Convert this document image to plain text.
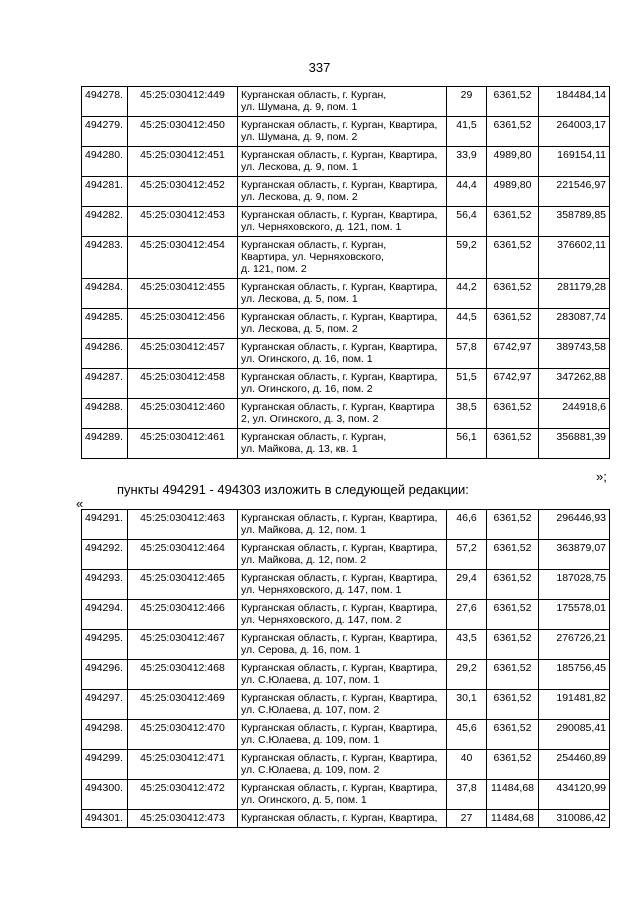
337
494278.	45:25:030412:449	Курганская область, г. Курган,
ул. Шумана, д. 9, пом. 1	29	6361,52	184484,14
494279.	45:25:030412:450	Курганская область, г. Курган, Квартира,
ул. Шумана, д. 9, пом. 2	41,5	6361,52	264003,17
494280.	45:25:030412:451	Курганская область, г. Курган, Квартира,
ул. Лескова, д. 9, пом. 1	33,9	4989,80	169154,11
494281.	45:25:030412:452	Курганская область, г. Курган, Квартира,
ул. Лескова, д. 9, пом. 2	44,4	4989,80	221546,97
494282.	45:25:030412:453	Курганская область, г. Курган, Квартира,
ул. Черняховского, д. 121, пом. 1	56,4	6361,52	358789,85
494283.	45:25:030412:454	Курганская область, г. Курган,
Квартира, ул. Черняховского,
д. 121, пом. 2	59,2	6361,52	376602,11
494284.	45:25:030412:455	Курганская область, г. Курган, Квартира,
ул. Лескова, д. 5, пом. 1	44,2	6361,52	281179,28
494285.	45:25:030412:456	Курганская область, г. Курган, Квартира,
ул. Лескова, д. 5, пом. 2	44,5	6361,52	283087,74
494286.	45:25:030412:457	Курганская область, г. Курган, Квартира,
ул. Огинского, д. 16, пом. 1	57,8	6742,97	389743,58
494287.	45:25:030412:458	Курганская область, г. Курган, Квартира,
ул. Огинского, д. 16, пом. 2	51,5	6742,97	347262,88
494288.	45:25:030412:460	Курганская область, г. Курган, Квартира
2, ул. Огинского, д. 3, пом. 2	38,5	6361,52	244918,6
494289.	45:25:030412:461	Курганская область, г. Курган,
ул. Майкова, д. 13, кв. 1	56,1	6361,52	356881,39
»;
пункты 494291 - 494303 изложить в следующей редакции:
«
494291.	45:25:030412:463	Курганская область, г. Курган, Квартира,
ул. Майкова, д. 12, пом. 1	46,6	6361,52	296446,93
494292.	45:25:030412:464	Курганская область, г. Курган, Квартира,
ул. Майкова, д. 12, пом. 2	57,2	6361,52	363879,07
494293.	45:25:030412:465	Курганская область, г. Курган, Квартира,
ул. Черняховского, д. 147, пом. 1	29,4	6361,52	187028,75
494294.	45:25:030412:466	Курганская область, г. Курган, Квартира,
ул. Черняховского, д. 147, пом. 2	27,6	6361,52	175578,01
494295.	45:25:030412:467	Курганская область, г. Курган, Квартира,
ул. Серова, д. 16, пом. 1	43,5	6361,52	276726,21
494296.	45:25:030412:468	Курганская область, г. Курган, Квартира,
ул. С.Юлаева, д. 107, пом. 1	29,2	6361,52	185756,45
494297.	45:25:030412:469	Курганская область, г. Курган, Квартира,
ул. С.Юлаева, д. 107, пом. 2	30,1	6361,52	191481,82
494298.	45:25:030412:470	Курганская область, г. Курган, Квартира,
ул. С.Юлаева, д. 109, пом. 1	45,6	6361,52	290085,41
494299.	45:25:030412:471	Курганская область, г. Курган, Квартира,
ул. С.Юлаева, д. 109, пом. 2	40	6361,52	254460,89
494300.	45:25:030412:472	Курганская область, г. Курган, Квартира,
ул. Огинского, д. 5, пом. 1	37,8	11484,68	434120,99
494301.	45:25:030412:473	Курганская область, г. Курган, Квартира,	27	11484,68	310086,42
